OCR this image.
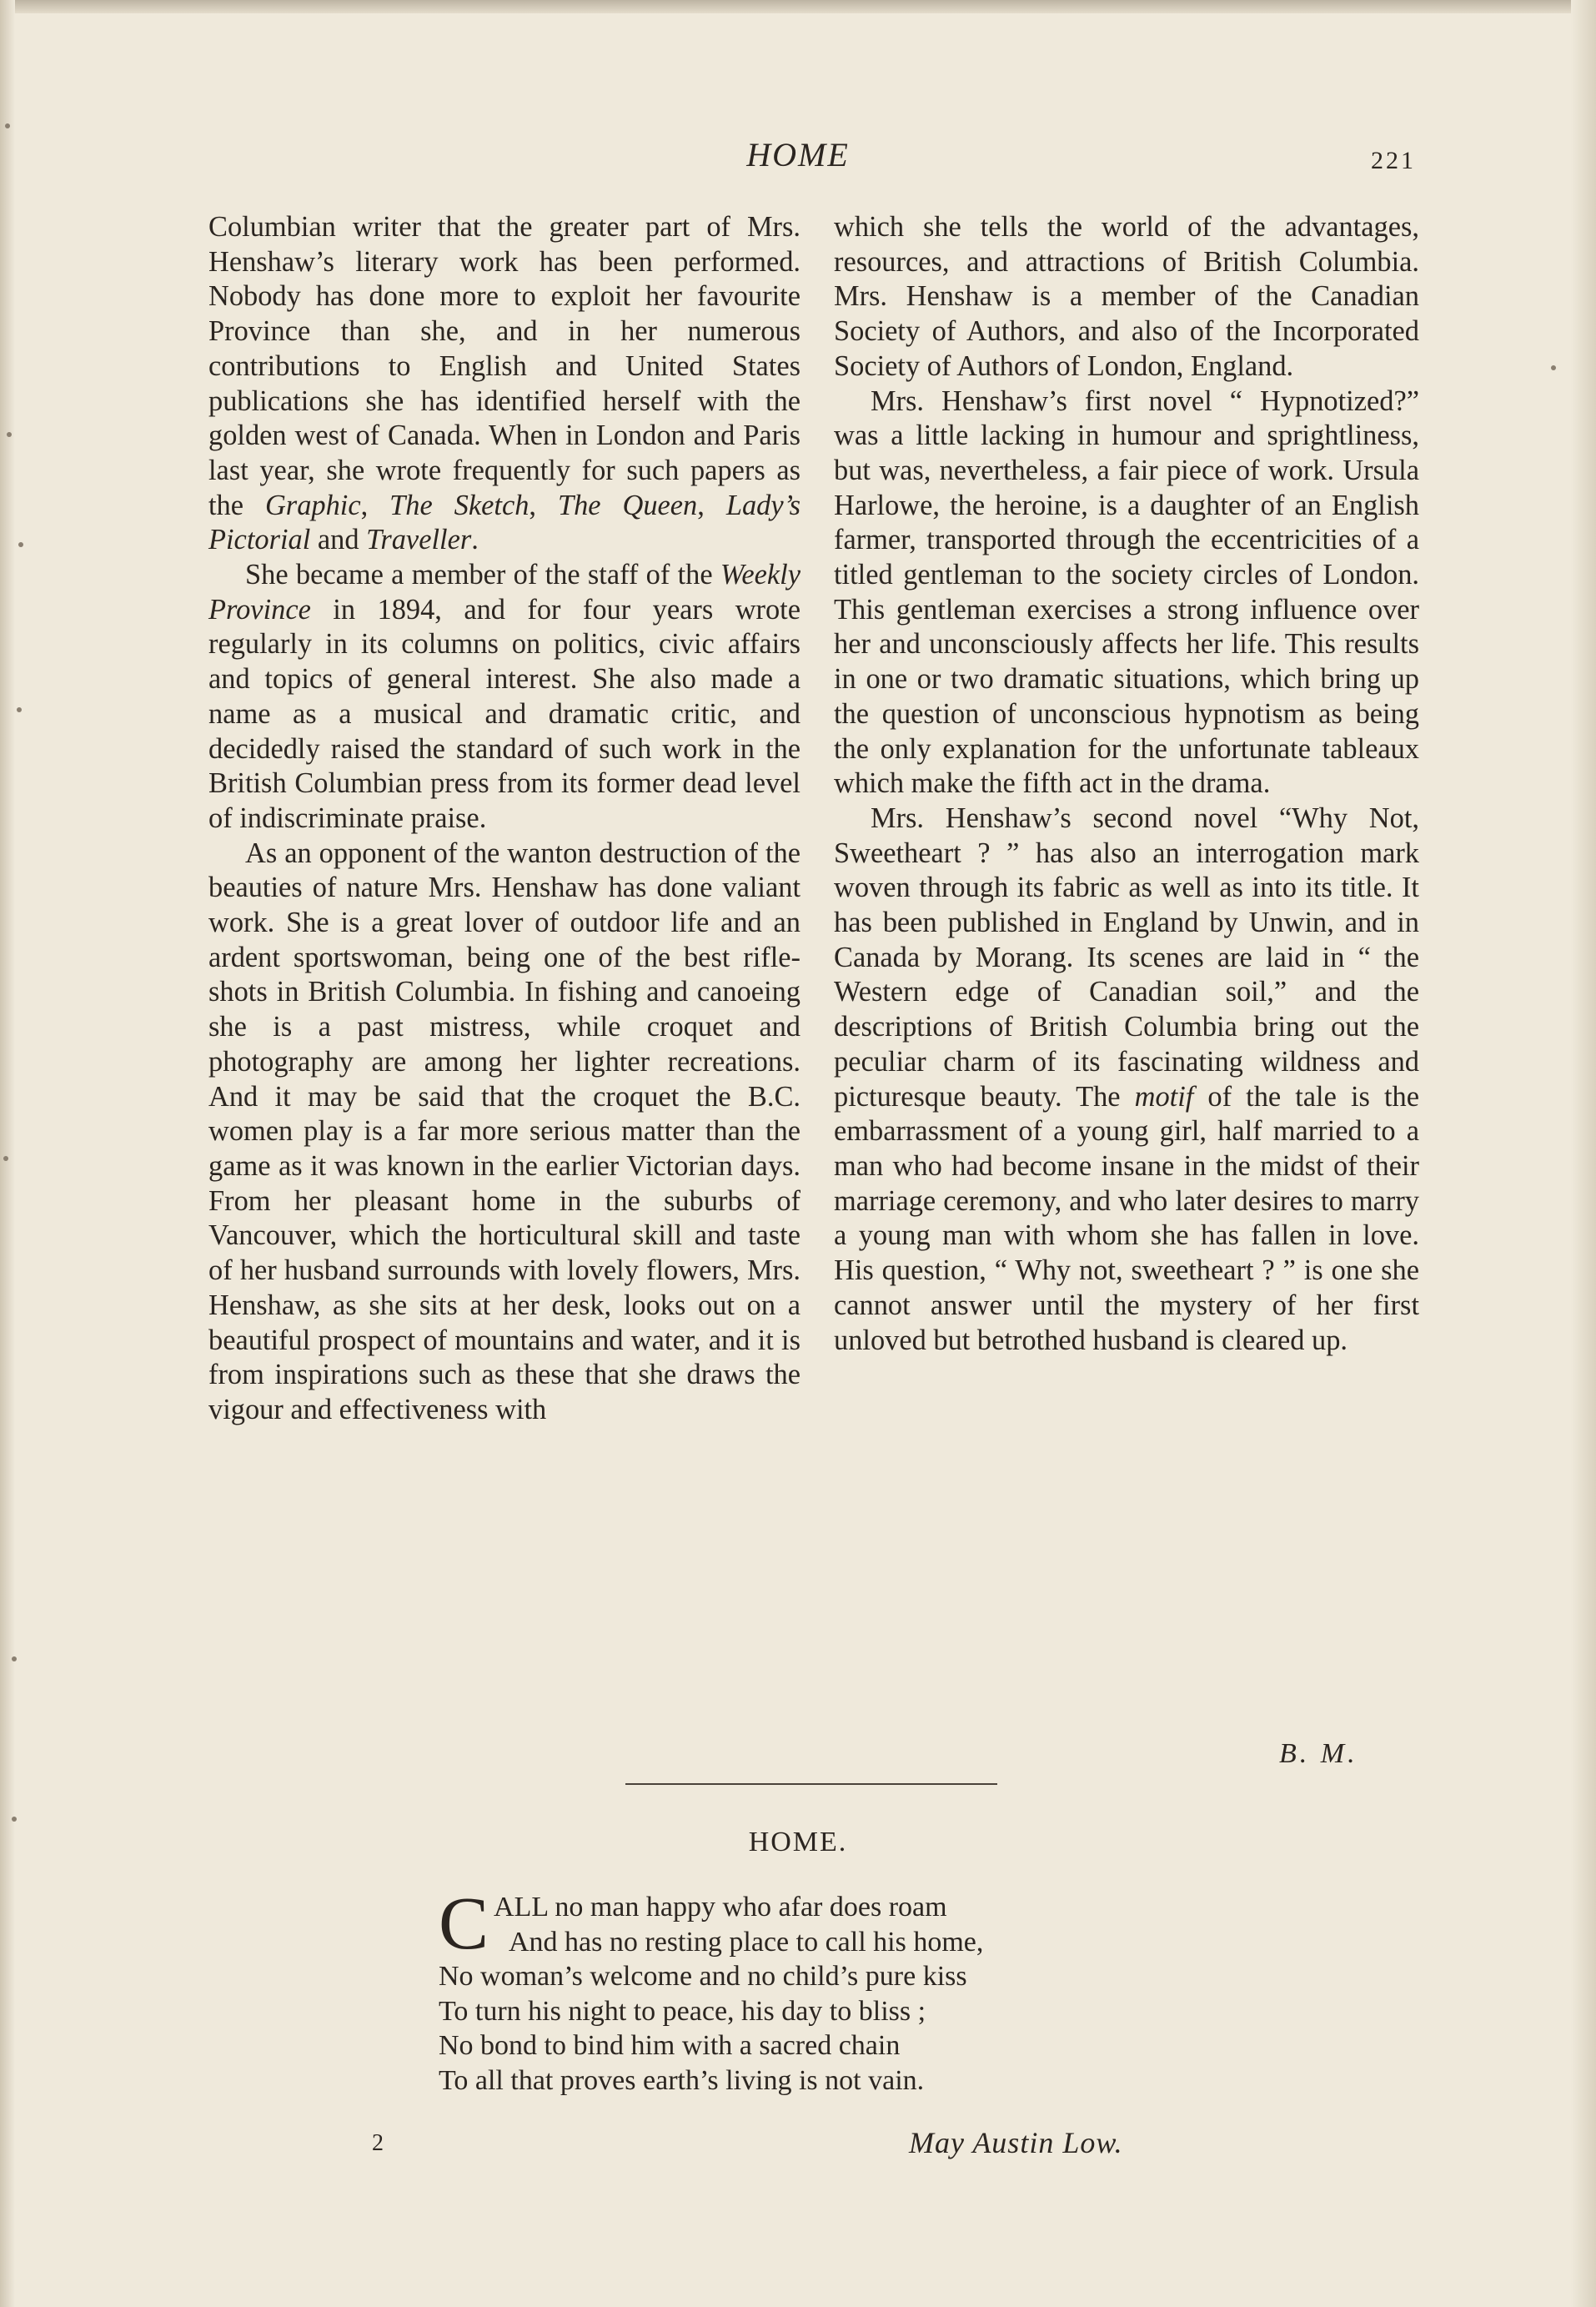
HOME	221

Columbian writer that the greater part of Mrs. Henshaw’s literary work has been performed. Nobody has done more to exploit her favourite Province than she, and in her numerous contributions to English and United States publications she has identified herself with the golden west of Canada. When in London and Paris last year, she wrote frequently for such papers as the Graphic, The Sketch, The Queen, Lady’s Pictorial and Traveller.

She became a member of the staff of the Weekly Province in 1894, and for four years wrote regularly in its columns on politics, civic affairs and topics of general interest. She also made a name as a musical and dramatic critic, and decidedly raised the standard of such work in the British Columbian press from its former dead level of indiscriminate praise.

As an opponent of the wanton destruction of the beauties of nature Mrs. Henshaw has done valiant work. She is a great lover of outdoor life and an ardent sportswoman, being one of the best rifle-shots in British Columbia. In fishing and canoeing she is a past mistress, while croquet and photography are among her lighter recreations. And it may be said that the croquet the B.C. women play is a far more serious matter than the game as it was known in the earlier Victorian days. From her pleasant home in the suburbs of Vancouver, which the horticultural skill and taste of her husband surrounds with lovely flowers, Mrs. Henshaw, as she sits at her desk, looks out on a beautiful prospect of mountains and water, and it is from inspirations such as these that she draws the vigour and effectiveness with

which she tells the world of the advantages, resources, and attractions of British Columbia. Mrs. Henshaw is a member of the Canadian Society of Authors, and also of the Incorporated Society of Authors of London, England.

Mrs. Henshaw’s first novel “ Hypnotized?” was a little lacking in humour and sprightliness, but was, nevertheless, a fair piece of work. Ursula Harlowe, the heroine, is a daughter of an English farmer, transported through the eccentricities of a titled gentleman to the society circles of London. This gentleman exercises a strong influence over her and unconsciously affects her life. This results in one or two dramatic situations, which bring up the question of unconscious hypnotism as being the only explanation for the unfortunate tableaux which make the fifth act in the drama.

Mrs. Henshaw’s second novel “Why Not, Sweetheart ? ” has also an interrogation mark woven through its fabric as well as into its title. It has been published in England by Unwin, and in Canada by Morang. Its scenes are laid in “ the Western edge of Canadian soil,” and the descriptions of British Columbia bring out the peculiar charm of its fascinating wildness and picturesque beauty. The motif of the tale is the embarrassment of a young girl, half married to a man who had become insane in the midst of their marriage ceremony, and who later desires to marry a young man with whom she has fallen in love. His question, “ Why not, sweetheart ? ” is one she cannot answer until the mystery of her first unloved but betrothed husband is cleared up.

B. M.
HOME.
C ALL no man happy who afar does roam
And has no resting place to call his home,
No woman’s welcome and no child’s pure kiss
To turn his night to peace, his day to bliss ;
No bond to bind him with a sacred chain
To all that proves earth’s living is not vain.
2	May Austin Low.
